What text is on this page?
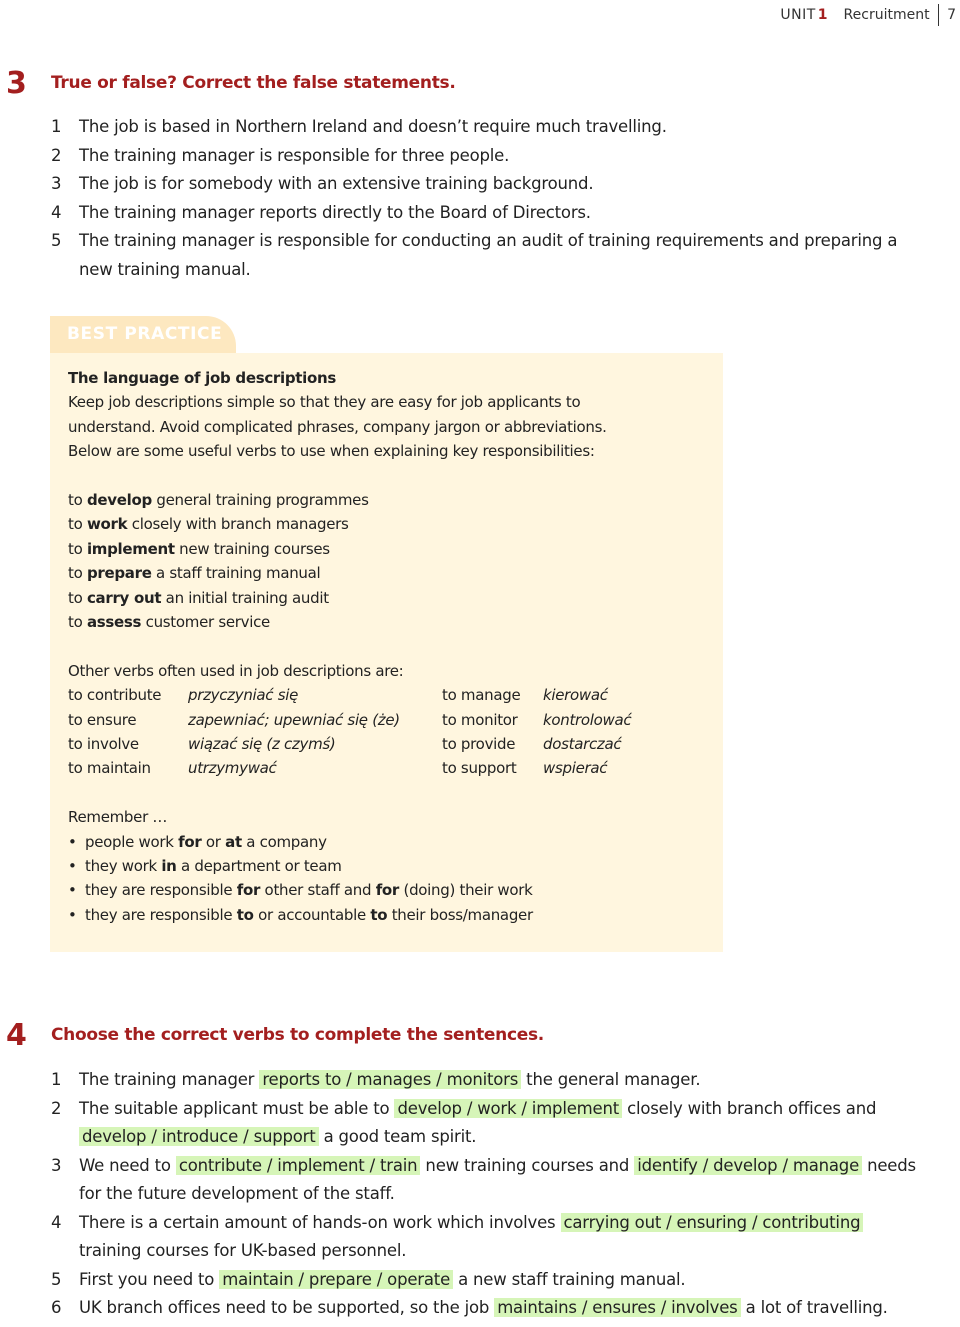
UNIT 1 Recruitment 7
3 True or false? Correct the false statements.
1	The job is based in Northern Ireland and doesn’t require much travelling.
2	The training manager is responsible for three people.
3	The job is for somebody with an extensive training background.
4	The training manager reports directly to the Board of Directors.
5	The training manager is responsible for conducting an audit of training requirements and preparing a new training manual.
BEST PRACTICE
The language of job descriptions
Keep job descriptions simple so that they are easy for job applicants to understand. Avoid complicated phrases, company jargon or abbreviations. Below are some useful verbs to use when explaining key responsibilities:
to develop general training programmes
to work closely with branch managers
to implement new training courses
to prepare a staff training manual
to carry out an initial training audit
to assess customer service
Other verbs often used in job descriptions are:
to contribute	przyczyniać się	to manage	kierować
to ensure	zapewniać; upewniać się (że)	to monitor	kontrolować
to involve	wiązać się (z czymś)	to provide	dostarczać
to maintain	utrzymywać	to support	wspierać
Remember …
• people work for or at a company
• they work in a department or team
• they are responsible for other staff and for (doing) their work
• they are responsible to or accountable to their boss/manager
4 Choose the correct verbs to complete the sentences.
1	The training manager reports to / manages / monitors the general manager.
2	The suitable applicant must be able to develop / work / implement closely with branch offices and develop / introduce / support a good team spirit.
3	We need to contribute / implement / train new training courses and identify / develop / manage needs for the future development of the staff.
4	There is a certain amount of hands-on work which involves carrying out / ensuring / contributing training courses for UK-based personnel.
5	First you need to maintain / prepare / operate a new staff training manual.
6	UK branch offices need to be supported, so the job maintains / ensures / involves a lot of travelling.
